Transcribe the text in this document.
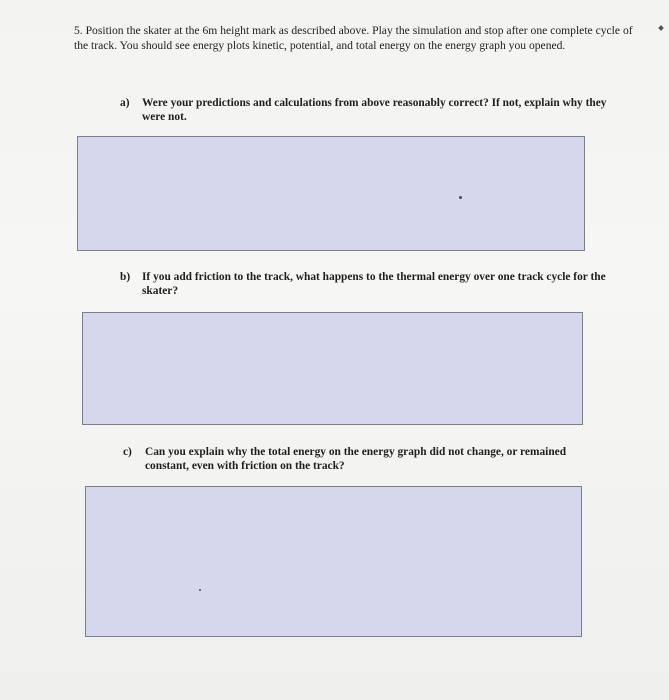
5. Position the skater at the 6m height mark as described above. Play the simulation and stop after one complete cycle of the track. You should see energy plots kinetic, potential, and total energy on the energy graph you opened.

a)	Were your predictions and calculations from above reasonably correct? If not, explain why they were not.
b)	If you add friction to the track, what happens to the thermal energy over one track cycle for the skater?
c)	Can you explain why the total energy on the energy graph did not change, or remained constant, even with friction on the track?
